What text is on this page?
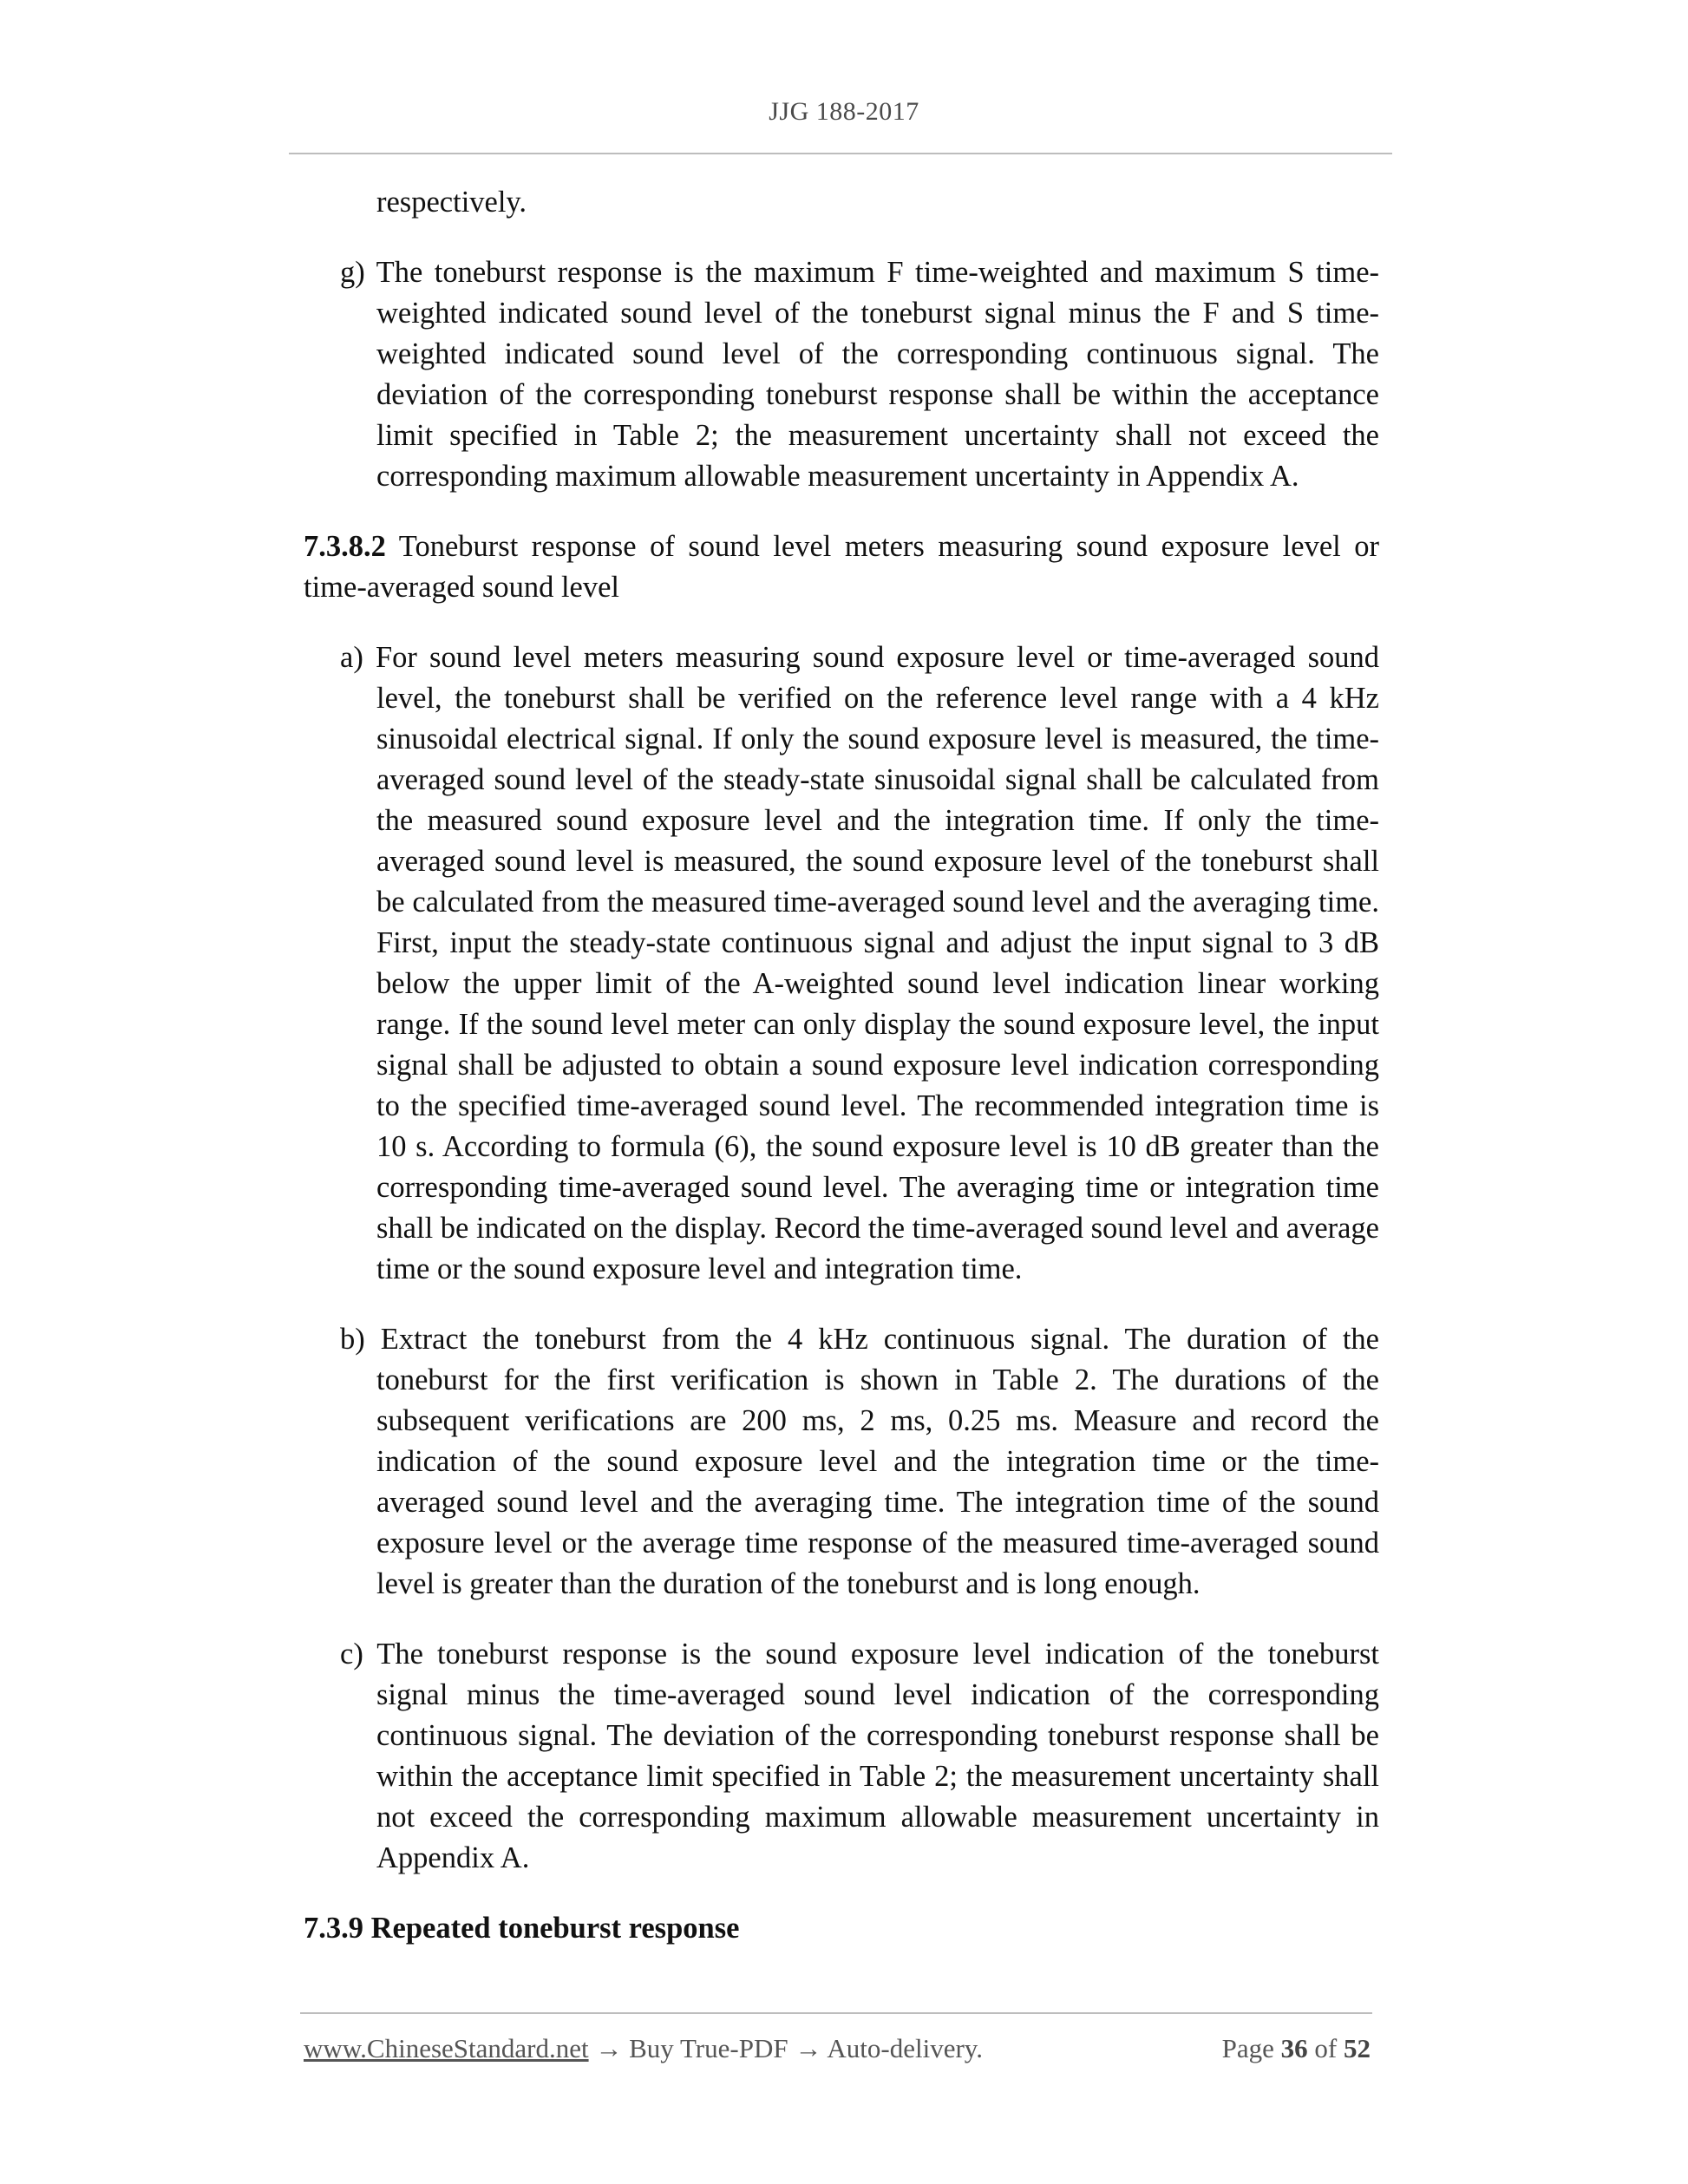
JJG 188-2017

respectively.

g) The toneburst response is the maximum F time-weighted and maximum S time-weighted indicated sound level of the toneburst signal minus the F and S time-weighted indicated sound level of the corresponding continuous signal. The deviation of the corresponding toneburst response shall be within the acceptance limit specified in Table 2; the measurement uncertainty shall not exceed the corresponding maximum allowable measurement uncertainty in Appendix A.

7.3.8.2 Toneburst response of sound level meters measuring sound exposure level or time-averaged sound level

a) For sound level meters measuring sound exposure level or time-averaged sound level, the toneburst shall be verified on the reference level range with a 4 kHz sinusoidal electrical signal. If only the sound exposure level is measured, the time-averaged sound level of the steady-state sinusoidal signal shall be calculated from the measured sound exposure level and the integration time. If only the time-averaged sound level is measured, the sound exposure level of the toneburst shall be calculated from the measured time-averaged sound level and the averaging time. First, input the steady-state continuous signal and adjust the input signal to 3 dB below the upper limit of the A-weighted sound level indication linear working range. If the sound level meter can only display the sound exposure level, the input signal shall be adjusted to obtain a sound exposure level indication corresponding to the specified time-averaged sound level. The recommended integration time is 10 s. According to formula (6), the sound exposure level is 10 dB greater than the corresponding time-averaged sound level. The averaging time or integration time shall be indicated on the display. Record the time-averaged sound level and average time or the sound exposure level and integration time.

b) Extract the toneburst from the 4 kHz continuous signal. The duration of the toneburst for the first verification is shown in Table 2. The durations of the subsequent verifications are 200 ms, 2 ms, 0.25 ms. Measure and record the indication of the sound exposure level and the integration time or the time-averaged sound level and the averaging time. The integration time of the sound exposure level or the average time response of the measured time-averaged sound level is greater than the duration of the toneburst and is long enough.

c) The toneburst response is the sound exposure level indication of the toneburst signal minus the time-averaged sound level indication of the corresponding continuous signal. The deviation of the corresponding toneburst response shall be within the acceptance limit specified in Table 2; the measurement uncertainty shall not exceed the corresponding maximum allowable measurement uncertainty in Appendix A.

7.3.9 Repeated toneburst response

www.ChineseStandard.net → Buy True-PDF → Auto-delivery.	Page 36 of 52
